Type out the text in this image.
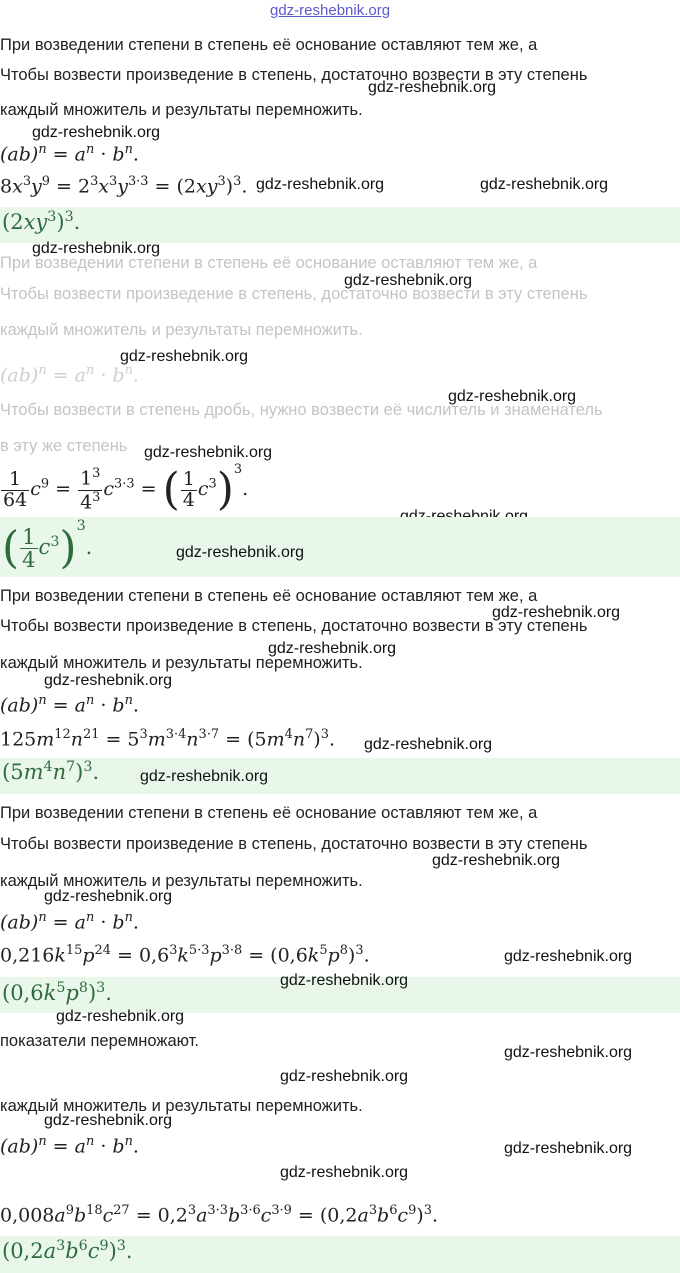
gdz-reshebnik.org
При возведении степени в степень её основание оставляют тем же, а
Чтобы возвести произведение в степень, достаточно возвести в эту степень
gdz-reshebnik.org
каждый множитель и результаты перемножить.
gdz-reshebnik.org
$(ab)^n = a^n \cdot b^n$.
$8x^3y^9 = 2^3x^3y^{3\cdot 3} = (2xy^3)^3$. gdz-reshebnik.org	gdz-reshebnik.org
$(2xy^3)^3$.
gdz-reshebnik.org
При возведении степени в степень её основание оставляют тем же, а
gdz-reshebnik.org
Чтобы возвести произведение в степень, достаточно возвести в эту степень
каждый множитель и результаты перемножить.
gdz-reshebnik.org
$(ab)^n = a^n \cdot b^n$.
gdz-reshebnik.org
Чтобы возвести в степень дробь, нужно возвести её числитель и знаменатель
в эту же степень gdz-reshebnik.org
$\frac{1}{64} c^9 = \frac{1^3}{4^3} c^{3\cdot 3}$ = ( $\frac{1}{4} c^3)^3$.
( $\frac{1}{4} c^3)^3$.	gdz-reshebnik.org
При возведении степени в степень её основание оставляют тем же, а
gdz-reshebnik.org
Чтобы возвести произведение в степень, достаточно возвести в эту степень
gdz-reshebnik.org
каждый множитель и результаты перемножить.
gdz-reshebnik.org
$(ab)^n = a^n \cdot b^n$.
$125m^{12}n^{21} = 5^3m^{3\cdot 4}n^{3\cdot 7} = (5m^4n^7)^3$. gdz-reshebnik.org
$(5m^4n^7)^3$.	gdz-reshebnik.org
При возведении степени в степень её основание оставляют тем же, а
Чтобы возвести произведение в степень, достаточно возвести в эту степень
gdz-reshebnik.org
каждый множитель и результаты перемножить.
gdz-reshebnik.org
$(ab)^n = a^n \cdot b^n$.
$0,216k^{15}p^{24} = 0,6^3k^{5\cdot 3}p^{3\cdot 8} = (0,6k^5p^8)^3$.	gdz-reshebnik.org
gdz-reshebnik.org
$(0,6k^5p^8)^3$.
gdz-reshebnik.org
показатели перемножают.
gdz-reshebnik.org
gdz-reshebnik.org
каждый множитель и результаты перемножить.
gdz-reshebnik.org
$(ab)^n = a^n \cdot b^n$.	gdz-reshebnik.org
gdz-reshebnik.org
$0,008a^9b^{18}c^{27} = 0,2^3a^{3\cdot 3}b^{3\cdot 6}c^{3\cdot 9} = (0,2a^3b^6c^9)^3$.
$(0,2a^3b^6c^9)^3$.
